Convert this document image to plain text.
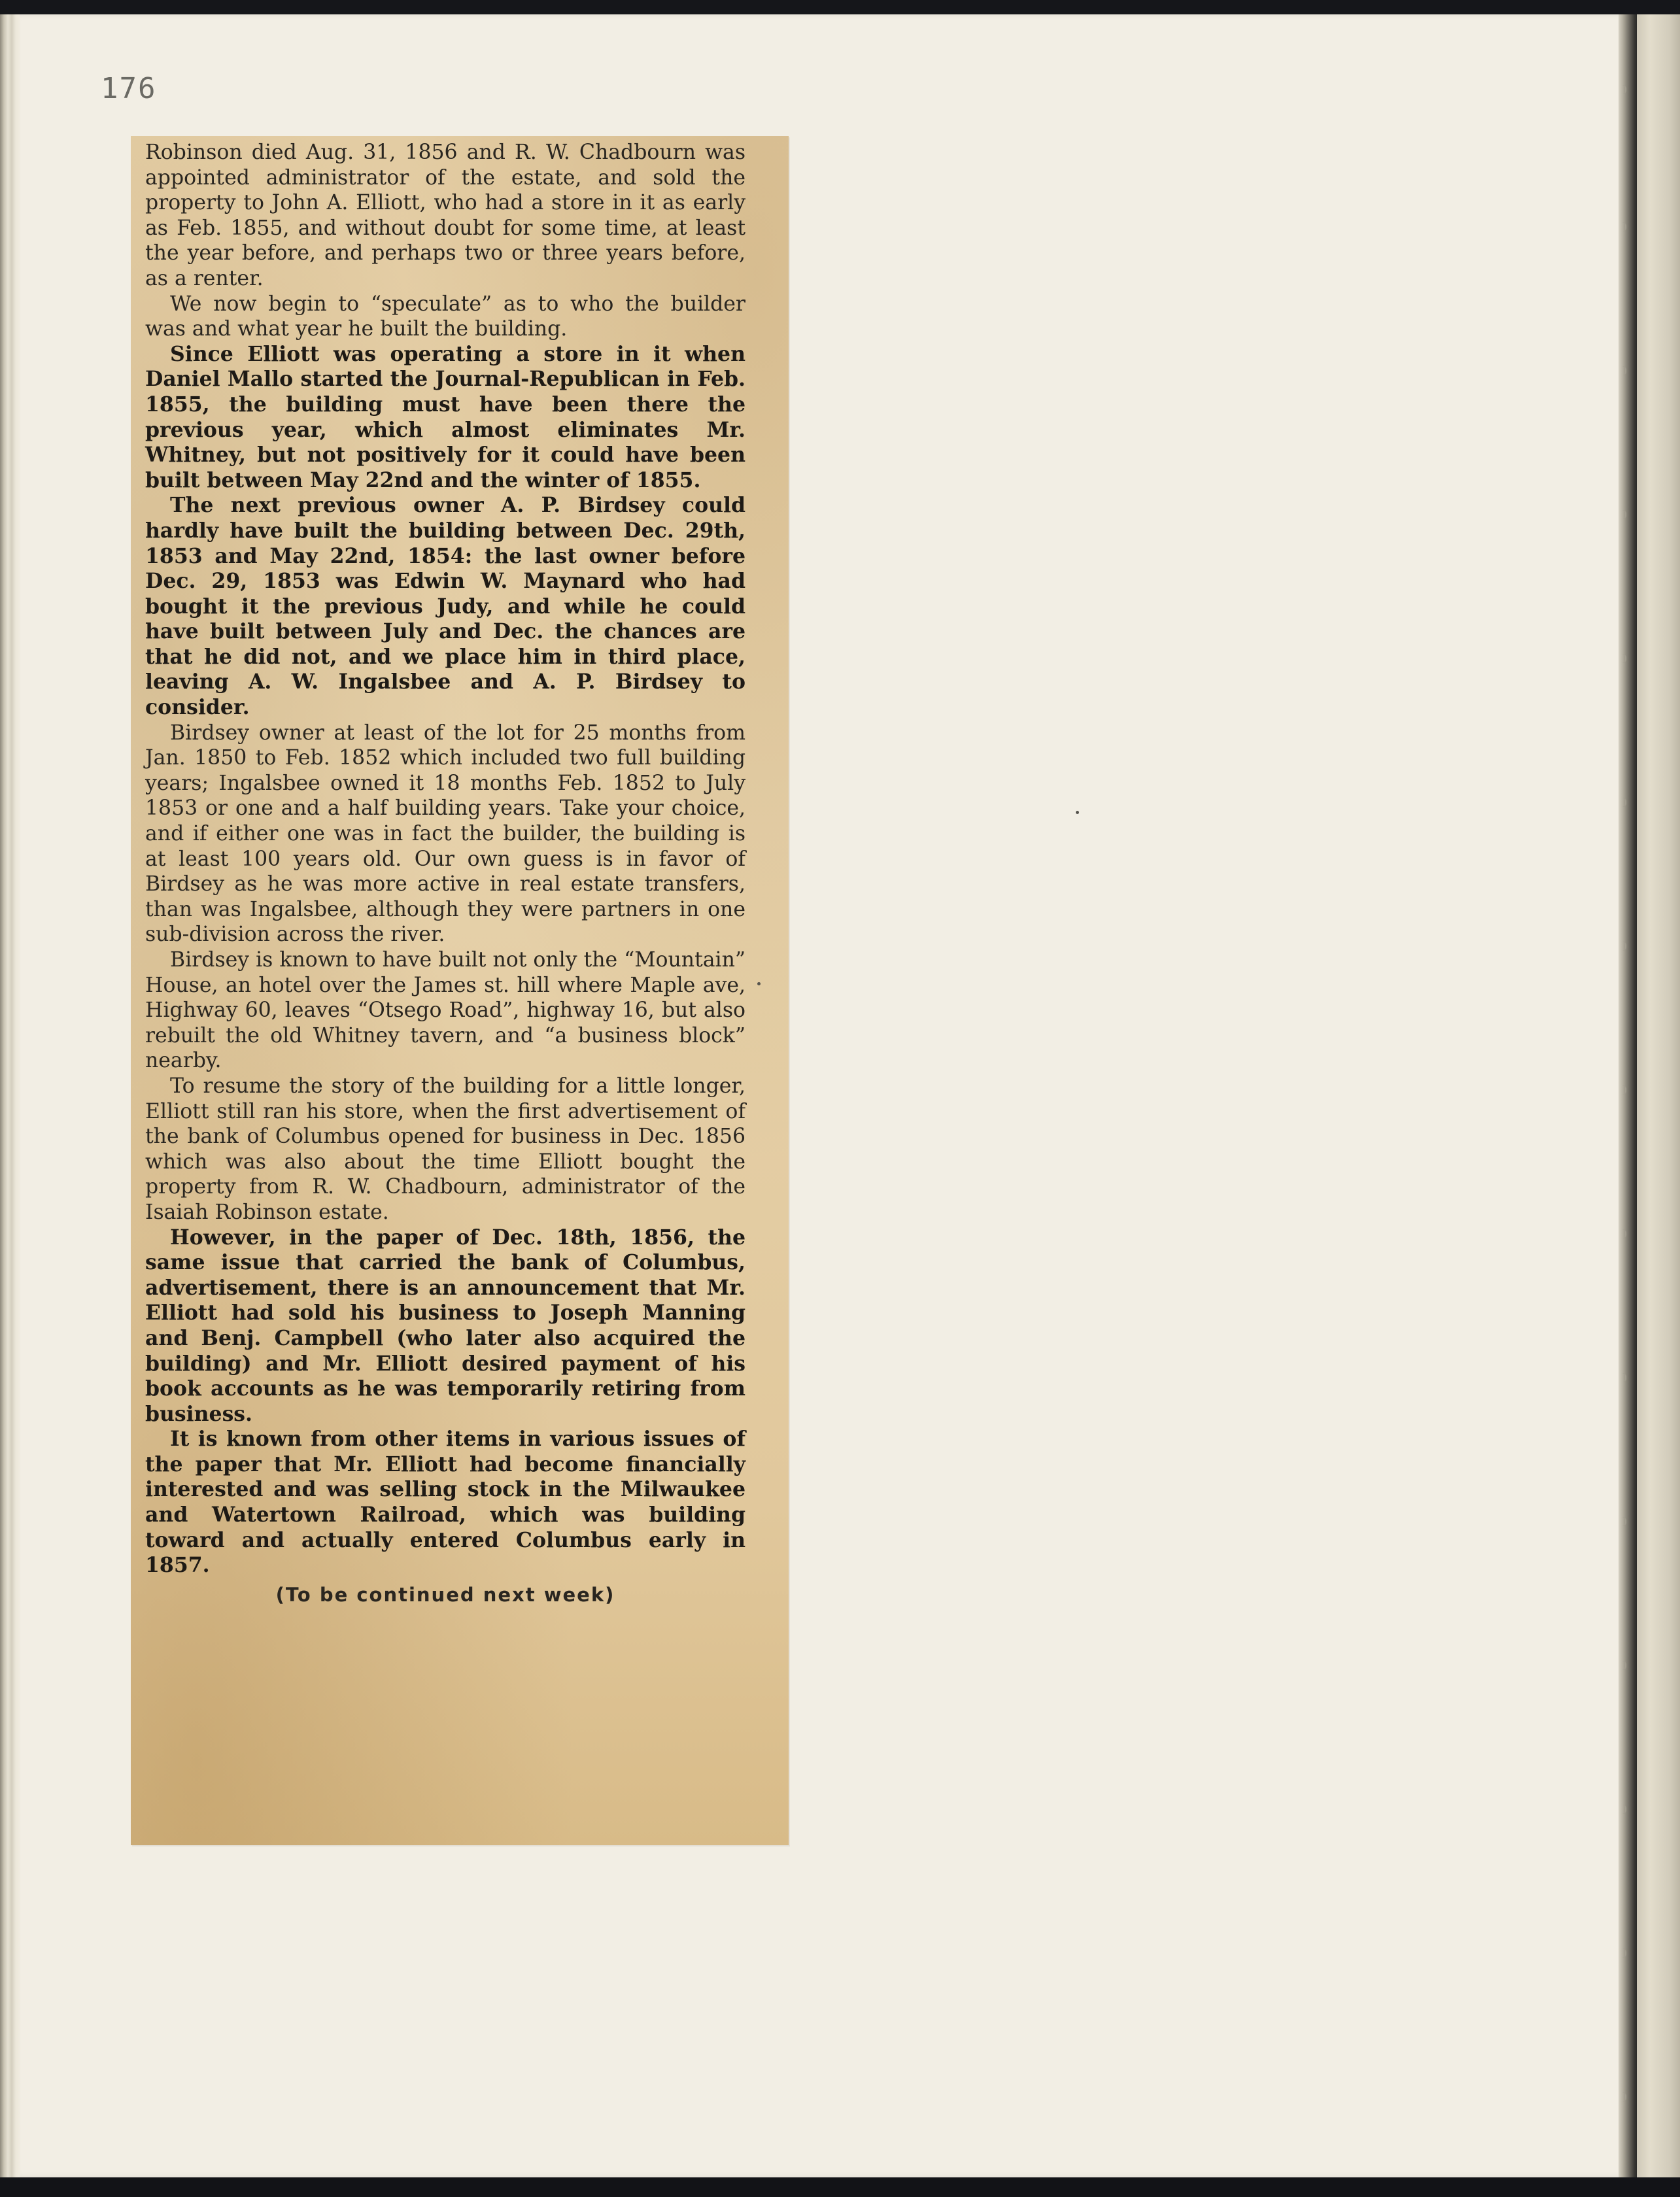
176

Robinson died Aug. 31, 1856 and R. W. Chadbourn was appointed administrator of the estate, and sold the property to John A. Elliott, who had a store in it as early as Feb. 1855, and without doubt for some time, at least the year before, and perhaps two or three years before, as a renter.

We now begin to “speculate” as to who the builder was and what year he built the building.

Since Elliott was operating a store in it when Daniel Mallo started the Journal-Republican in Feb. 1855, the building must have been there the previous year, which almost eliminates Mr. Whitney, but not positively for it could have been built between May 22nd and the winter of 1855.

The next previous owner A. P. Birdsey could hardly have built the building between Dec. 29th, 1853 and May 22nd, 1854: the last owner before Dec. 29, 1853 was Edwin W. Maynard who had bought it the previous Judy, and while he could have built between July and Dec. the chances are that he did not, and we place him in third place, leaving A. W. Ingalsbee and A. P. Birdsey to consider.

Birdsey owner at least of the lot for 25 months from Jan. 1850 to Feb. 1852 which included two full building years; Ingalsbee owned it 18 months Feb. 1852 to July 1853 or one and a half building years. Take your choice, and if either one was in fact the builder, the building is at least 100 years old. Our own guess is in favor of Birdsey as he was more active in real estate transfers, than was Ingalsbee, although they were partners in one sub-division across the river.

Birdsey is known to have built not only the “Mountain” House, an hotel over the James st. hill where Maple ave, Highway 60, leaves “Otsego Road”, highway 16, but also rebuilt the old Whitney tavern, and “a business block” nearby.

To resume the story of the building for a little longer, Elliott still ran his store, when the first advertisement of the bank of Columbus opened for business in Dec. 1856 which was also about the time Elliott bought the property from R. W. Chadbourn, administrator of the Isaiah Robinson estate.

However, in the paper of Dec. 18th, 1856, the same issue that carried the bank of Columbus, advertisement, there is an announcement that Mr. Elliott had sold his business to Joseph Manning and Benj. Campbell (who later also acquired the building) and Mr. Elliott desired payment of his book accounts as he was temporarily retiring from business.

It is known from other items in various issues of the paper that Mr. Elliott had become financially interested and was selling stock in the Milwaukee and Watertown Railroad, which was building toward and actually entered Columbus early in 1857.

(To be continued next week)
